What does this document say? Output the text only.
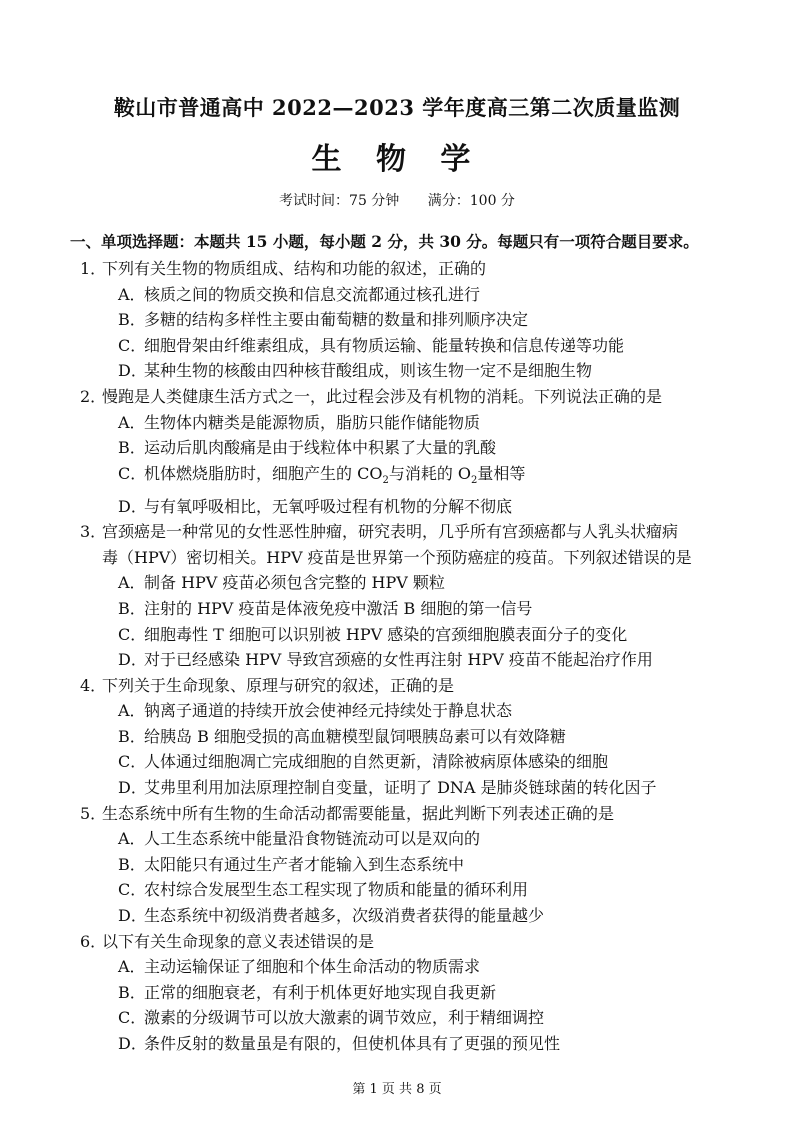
鞍山市普通高中 2022—2023 学年度高三第二次质量监测
生 物 学
考试时间：75 分钟 满分：100 分
一、单项选择题：本题共 15 小题，每小题 2 分，共 30 分。每题只有一项符合题目要求。
1．
下列有关生物的物质组成、结构和功能的叙述，正确的
A．核质之间的物质交换和信息交流都通过核孔进行
B．多糖的结构多样性主要由葡萄糖的数量和排列顺序决定
C．细胞骨架由纤维素组成，具有物质运输、能量转换和信息传递等功能
D．某种生物的核酸由四种核苷酸组成，则该生物一定不是细胞生物
2．
慢跑是人类健康生活方式之一，此过程会涉及有机物的消耗。下列说法正确的是
A．生物体内糖类是能源物质，脂肪只能作储能物质
B．运动后肌肉酸痛是由于线粒体中积累了大量的乳酸
C．机体燃烧脂肪时，细胞产生的 $CO_2$与消耗的 $O_2$量相等
D．与有氧呼吸相比，无氧呼吸过程有机物的分解不彻底
3．
宫颈癌是一种常见的女性恶性肿瘤，研究表明，几乎所有宫颈癌都与人乳头状瘤病
毒（HPV）密切相关。HPV 疫苗是世界第一个预防癌症的疫苗。下列叙述错误的是
A．制备 HPV 疫苗必须包含完整的 HPV 颗粒
B．注射的 HPV 疫苗是体液免疫中激活 B 细胞的第一信号
C．细胞毒性 T 细胞可以识别被 HPV 感染的宫颈细胞膜表面分子的变化
D．对于已经感染 HPV 导致宫颈癌的女性再注射 HPV 疫苗不能起治疗作用
4．
下列关于生命现象、原理与研究的叙述，正确的是
A．钠离子通道的持续开放会使神经元持续处于静息状态
B．给胰岛 B 细胞受损的高血糖模型鼠饲喂胰岛素可以有效降糖
C．人体通过细胞凋亡完成细胞的自然更新，清除被病原体感染的细胞
D．艾弗里利用加法原理控制自变量，证明了 DNA 是肺炎链球菌的转化因子
5．
生态系统中所有生物的生命活动都需要能量，据此判断下列表述正确的是
A．人工生态系统中能量沿食物链流动可以是双向的
B．太阳能只有通过生产者才能输入到生态系统中
C．农村综合发展型生态工程实现了物质和能量的循环利用
D．生态系统中初级消费者越多，次级消费者获得的能量越少
6．
以下有关生命现象的意义表述错误的是
A．主动运输保证了细胞和个体生命活动的物质需求
B．正常的细胞衰老，有利于机体更好地实现自我更新
C．激素的分级调节可以放大激素的调节效应，利于精细调控
D．条件反射的数量虽是有限的，但使机体具有了更强的预见性
第 1 页 共 8 页
